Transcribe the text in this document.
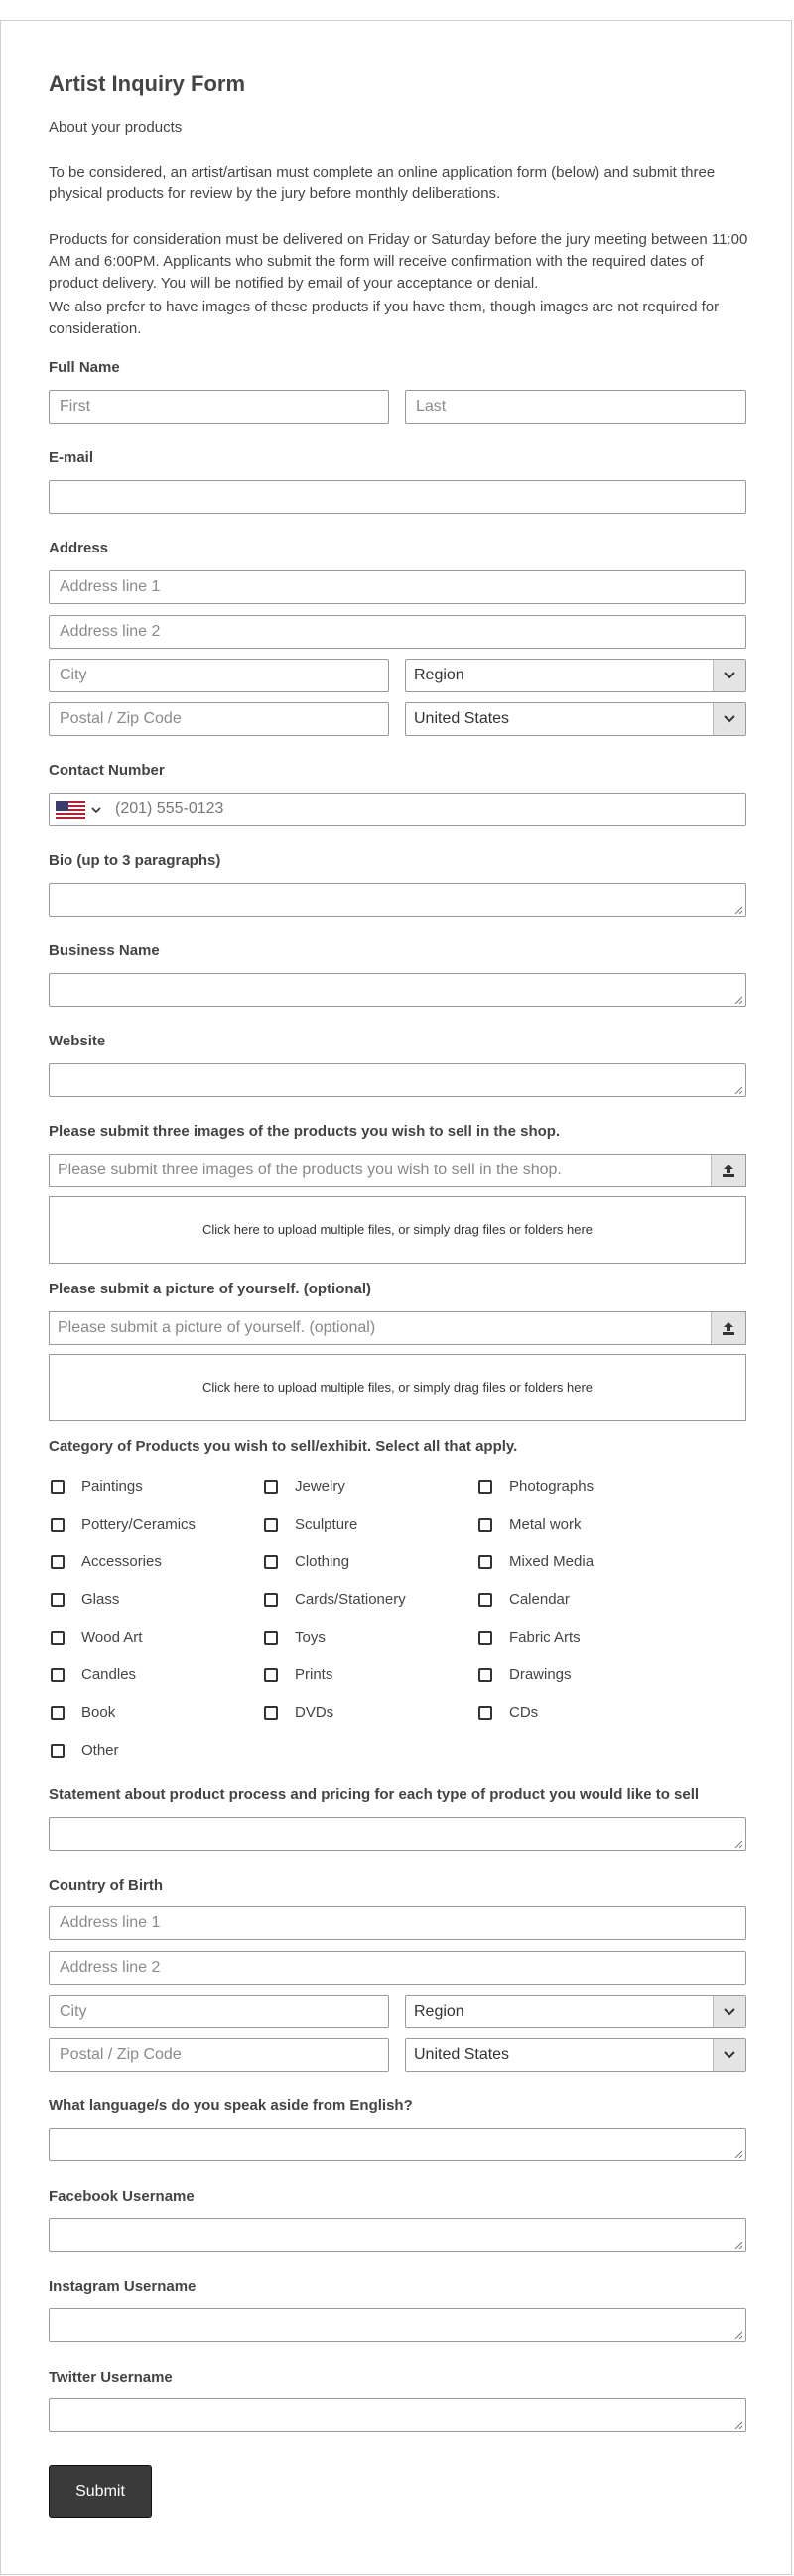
Artist Inquiry Form

About your products

To be considered, an artist/artisan must complete an online application form (below) and submit three physical products for review by the jury before monthly deliberations.

Products for consideration must be delivered on Friday or Saturday before the jury meeting between 11:00 AM and 6:00PM. Applicants who submit the form will receive confirmation with the required dates of product delivery. You will be notified by email of your acceptance or denial.

We also prefer to have images of these products if you have them, though images are not required for consideration.

Full Name
First
Last
E-mail
Address
Address line 1
Address line 2
City
Region
Postal / Zip Code
United States
Contact Number
(201) 555-0123
Bio (up to 3 paragraphs)
Business Name
Website
Please submit three images of the products you wish to sell in the shop.
Please submit three images of the products you wish to sell in the shop.
Click here to upload multiple files, or simply drag files or folders here
Please submit a picture of yourself. (optional)
Please submit a picture of yourself. (optional)
Click here to upload multiple files, or simply drag files or folders here
Category of Products you wish to sell/exhibit. Select all that apply.
Paintings
Pottery/Ceramics
Accessories
Glass
Wood Art
Candles
Book
Other
Jewelry
Sculpture
Clothing
Cards/Stationery
Toys
Prints
DVDs
Photographs
Metal work
Mixed Media
Calendar
Fabric Arts
Drawings
CDs
Statement about product process and pricing for each type of product you would like to sell
Country of Birth
Address line 1
Address line 2
City
Region
Postal / Zip Code
United States
What language/s do you speak aside from English?
Facebook Username
Instagram Username
Twitter Username
Submit
